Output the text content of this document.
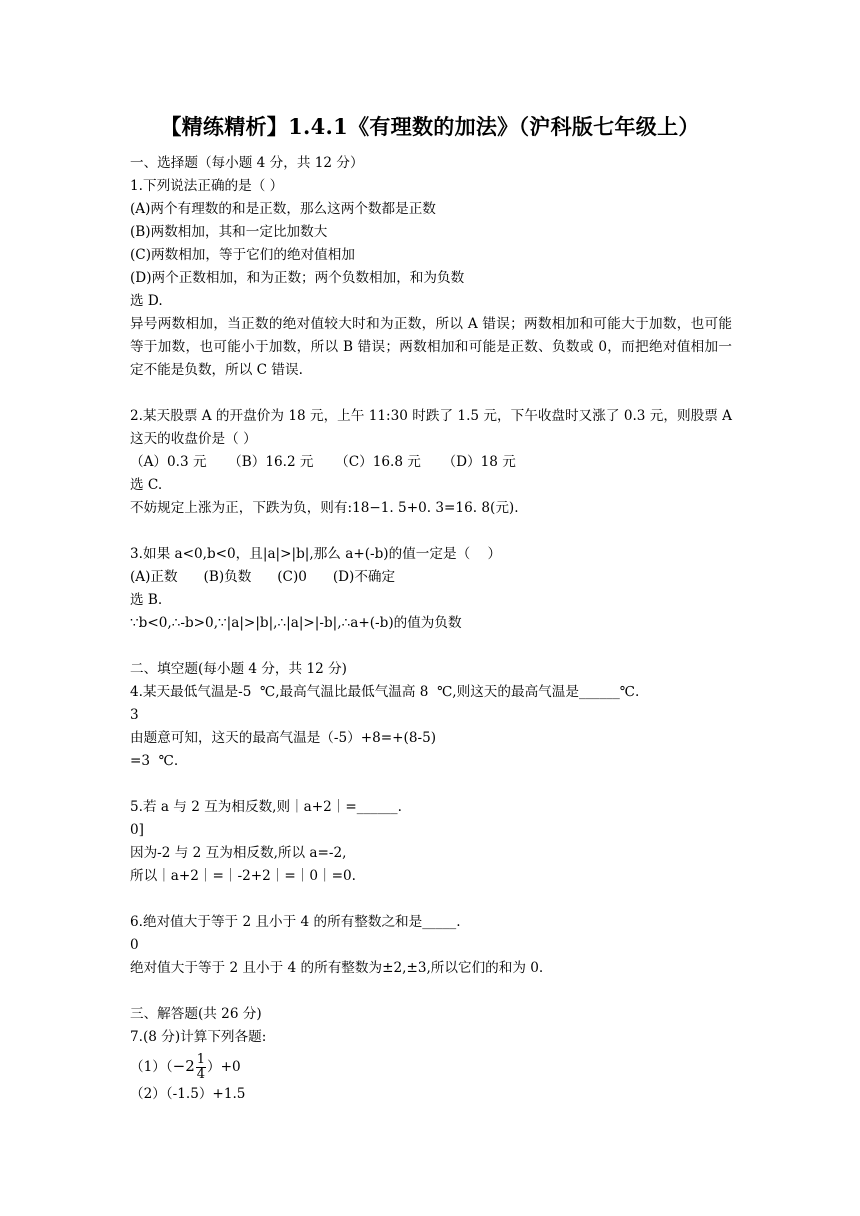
【精练精析】1.4.1《有理数的加法》（沪科版七年级上）
一、选择题（每小题 4 分，共 12 分）
1.下列说法正确的是（ ）
(A)两个有理数的和是正数，那么这两个数都是正数
(B)两数相加，其和一定比加数大
(C)两数相加，等于它们的绝对值相加
(D)两个正数相加，和为正数；两个负数相加，和为负数
选 D.
异号两数相加，当正数的绝对值较大时和为正数，所以 A 错误；两数相加和可能大于加数，也可能等于加数，也可能小于加数，所以 B 错误；两数相加和可能是正数、负数或 0，而把绝对值相加一定不能是负数，所以 C 错误.
2.某天股票 A 的开盘价为 18 元，上午 11:30 时跌了 1.5 元，下午收盘时又涨了 0.3 元，则股票 A 这天的收盘价是（ ）
（A）0.3 元     （B）16.2 元     （C）16.8 元     （D）18 元
选 C.
不妨规定上涨为正，下跌为负，则有:18−1. 5+0. 3=16. 8(元).
3.如果 a<0,b<0，且|a|>|b|,那么 a+(-b)的值一定是（    ）
(A)正数      (B)负数      (C)0      (D)不确定
选 B.
∵b<0,∴-b>0,∵|a|>|b|,∴|a|>|-b|,∴a+(-b)的值为负数
二、填空题(每小题 4 分，共 12 分)
4.某天最低气温是-5  ℃,最高气温比最低气温高 8  ℃,则这天的最高气温是______℃.
3
由题意可知，这天的最高气温是（-5）+8=+(8-5)
=3  ℃.
5.若 a 与 2 互为相反数,则｜a+2｜=______.
0]
因为-2 与 2 互为相反数,所以 a=-2,
所以｜a+2｜=｜-2+2｜=｜0｜=0.
6.绝对值大于等于 2 且小于 4 的所有整数之和是_____.
0
绝对值大于等于 2 且小于 4 的所有整数为±2,±3,所以它们的和为 0.
三、解答题(共 26 分)
7.(8 分)计算下列各题:
$(1)(-2 \frac{1}{4} )+0$
（2）（-1.5）+1.5
